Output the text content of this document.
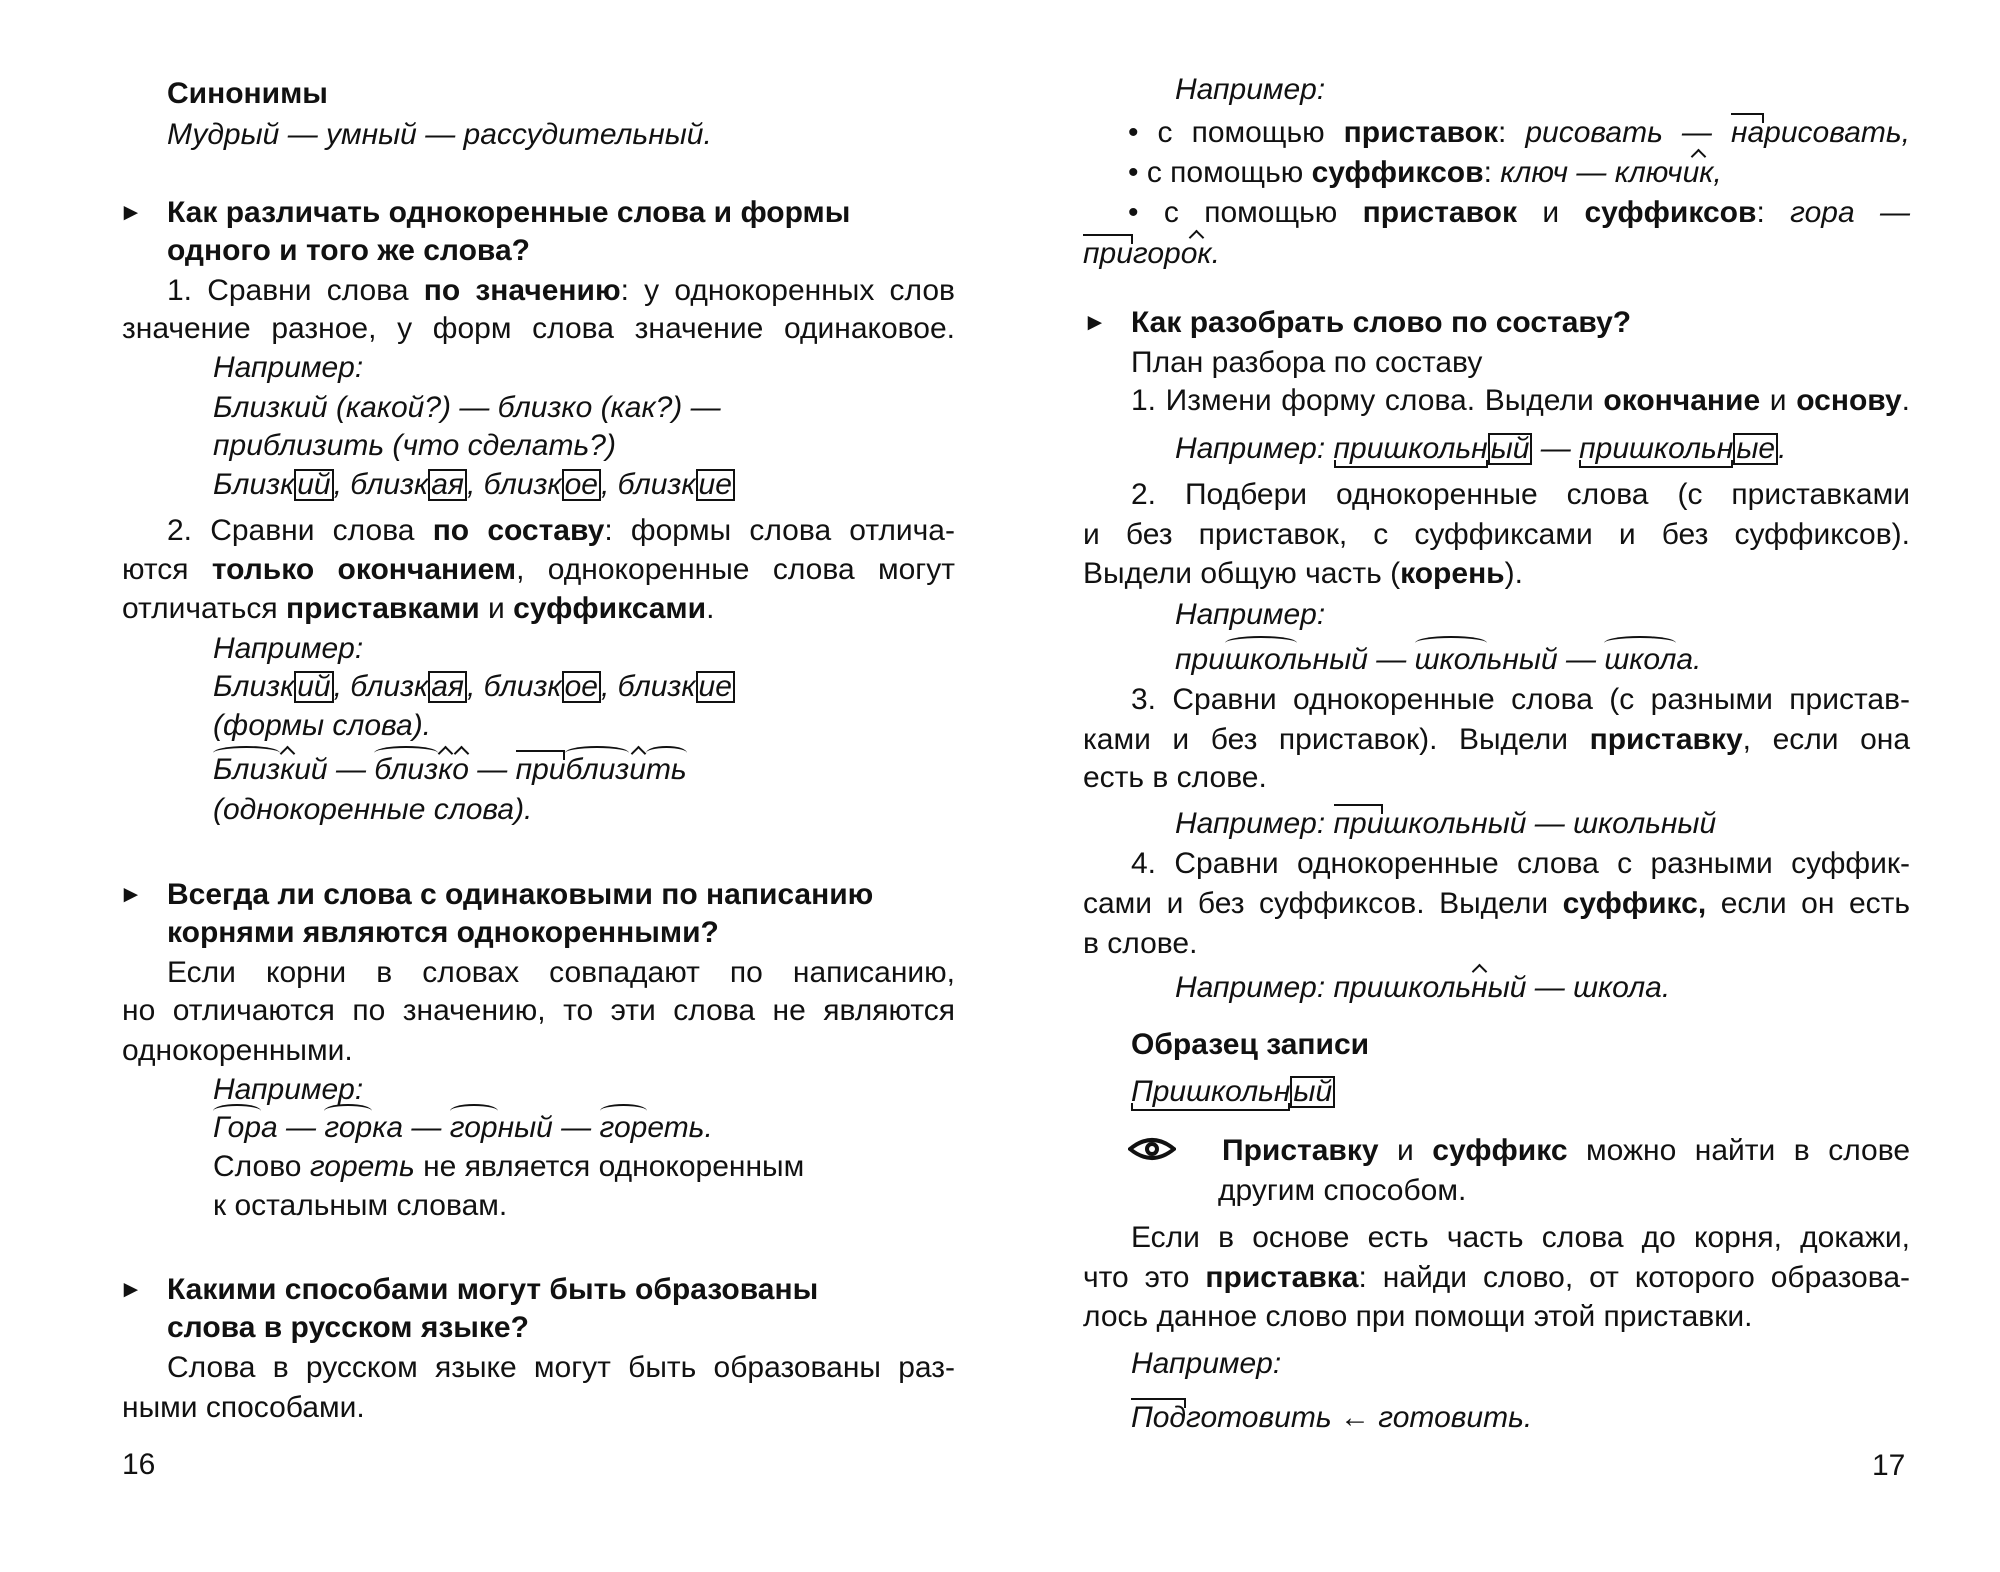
16
Синонимы
Мудрый — умный — рассудительный.
► Как различать однокоренные слова и формы
одного и того же слова?
1. Сравни слова по значению: у однокоренных слов
значение разное, у форм слова значение одинаковое.
Например:
Близкий (какой?) — близко (как?) —
приблизить (что сделать?)
Близк ий , близк ая , близк ое , близк ие
2. Сравни слова по составу: формы слова отлича-
ются только окончанием, однокоренные слова могут
отличаться приставками и суффиксами.
Например:
Близк ий , близк ая , близк ое , близк ие
(формы слова).
Близкий — близко — приблизить
(однокоренные слова).
► Всегда ли слова с одинаковыми по написанию
корнями являются однокоренными?
Если корни в словах совпадают по написанию,
но отличаются по значению, то эти слова не являются
однокоренными.
Например:
Гора — горка — горный — гореть.
Слово гореть не является однокоренным
к остальным словам.
► Какими способами могут быть образованы
слова в русском языке?
Слова в русском языке могут быть образованы раз-
ными способами.
17
Например:
• с помощью приставок: рисовать — нарисовать,
• с помощью суффиксов: ключ — ключик,
• с помощью приставок и суффиксов: гора —
пригорок.
► Как разобрать слово по составу?
План разбора по составу
1. Измени форму слова. Выдели окончание и основу.
Например: пришкольн ый — пришкольн ые .
2. Подбери однокоренные слова (с приставками
и без приставок, с суффиксами и без суффиксов).
Выдели общую часть (корень).
Например:
пришкольный — школьный — школа.
3. Сравни однокоренные слова (с разными пристав-
ками и без приставок). Выдели приставку, если она
есть в слове.
Например: пришкольный — школьный
4. Сравни однокоренные слова с разными суффик-
сами и без суффиксов. Выдели суффикс, если он есть
в слове.
Например: пришкольный — школа.
Образец записи
Пришкольн ый
Приставку и суффикс можно найти в слове
другим способом.
Если в основе есть часть слова до корня, докажи,
что это приставка: найди слово, от которого образова-
лось данное слово при помощи этой приставки.
Например:
Подготовить ← готовить.
